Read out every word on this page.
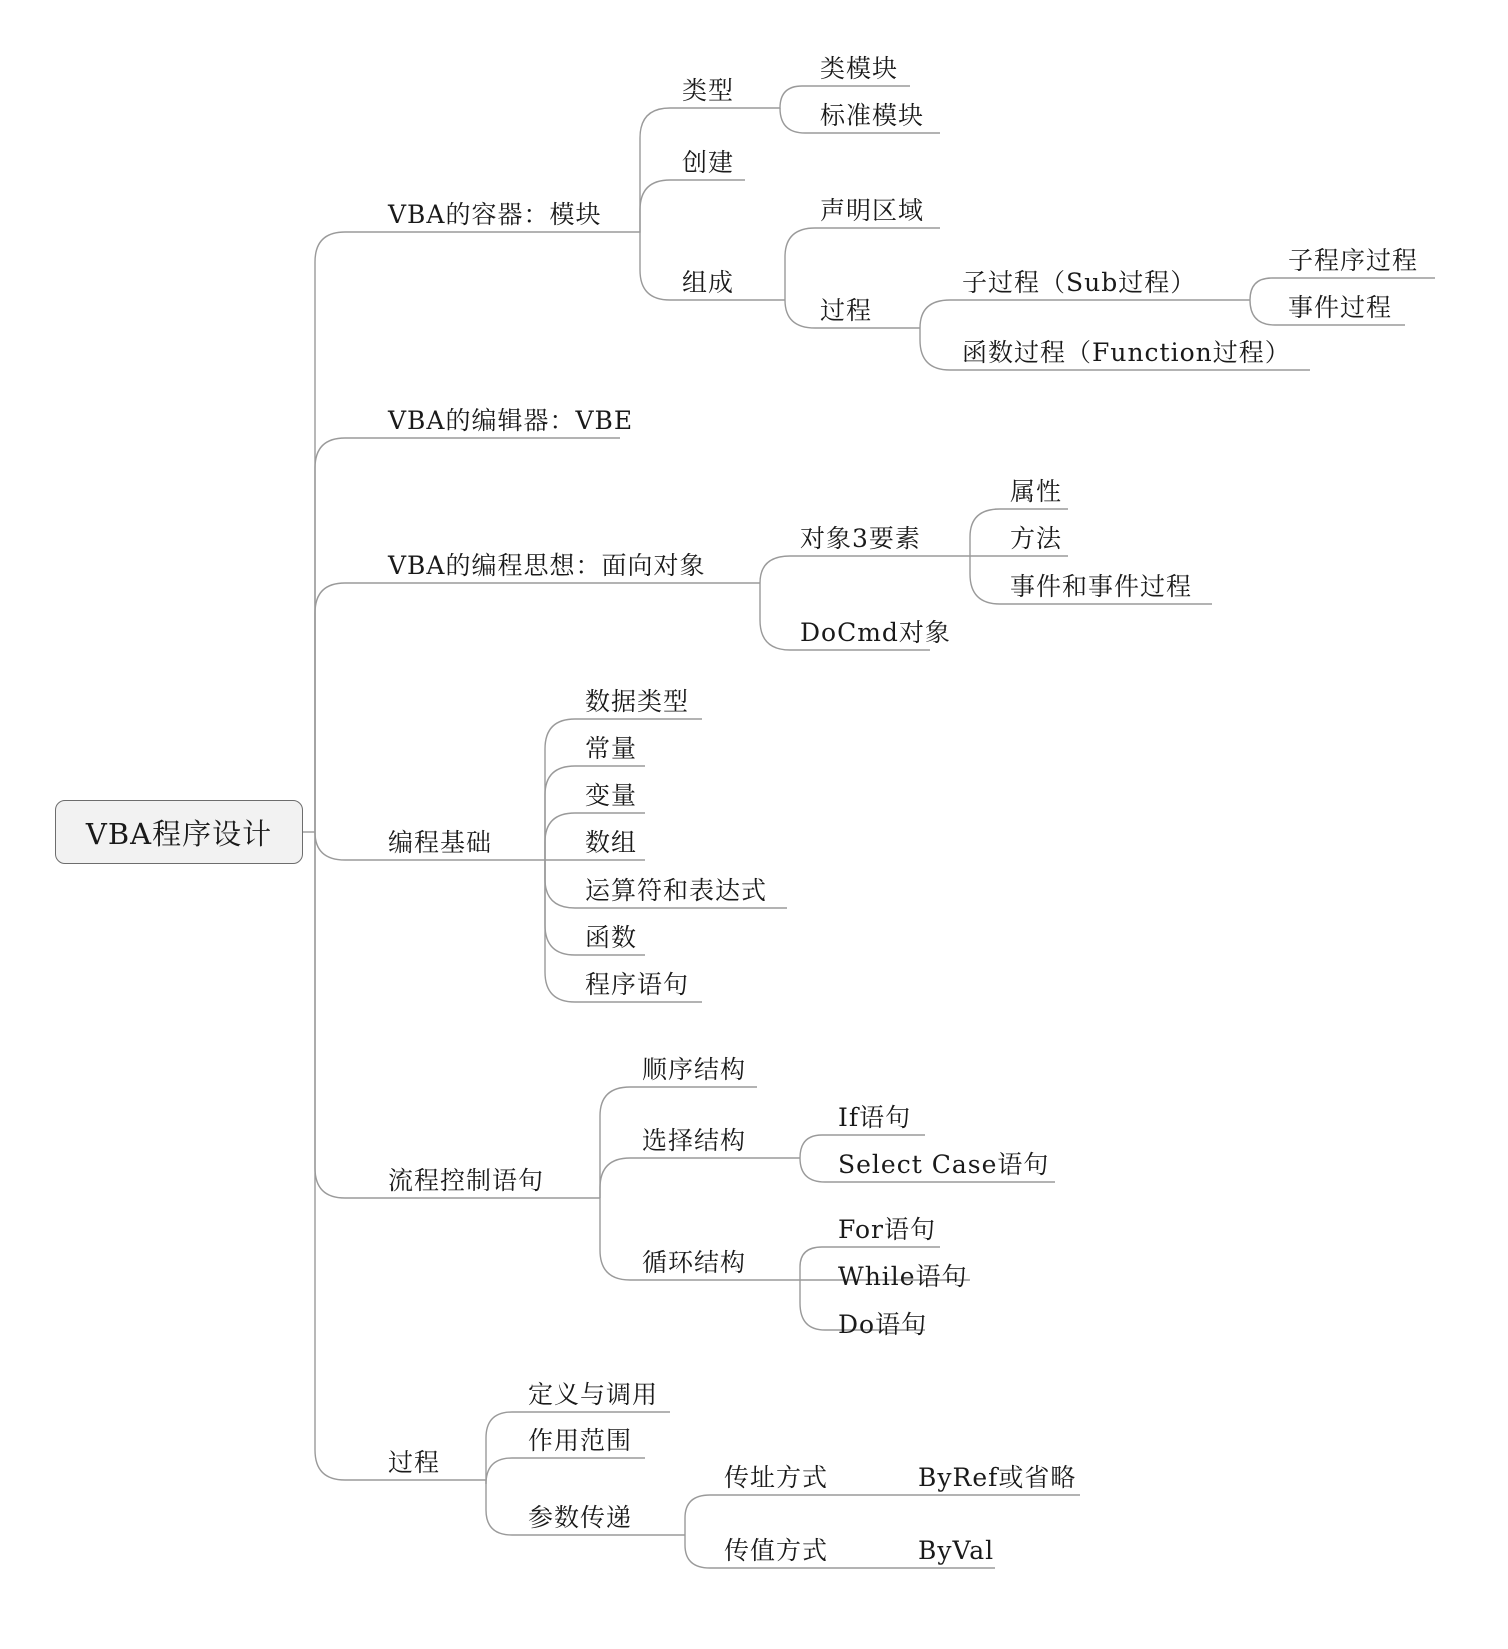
VBA程序设计
VBA的容器：模块
VBA的编辑器：VBE
VBA的编程思想：面向对象
编程基础
流程控制语句
过程
类型
类模块
标准模块
创建
组成
声明区域
过程
子过程（Sub过程）
子程序过程
事件过程
函数过程（Function过程）
对象3要素
属性
方法
事件和事件过程
DoCmd对象
数据类型
常量
变量
数组
运算符和表达式
函数
程序语句
顺序结构
选择结构
If语句
Select Case语句
循环结构
For语句
While语句
Do语句
定义与调用
作用范围
参数传递
传址方式	ByRef或省略
传值方式	ByVal
